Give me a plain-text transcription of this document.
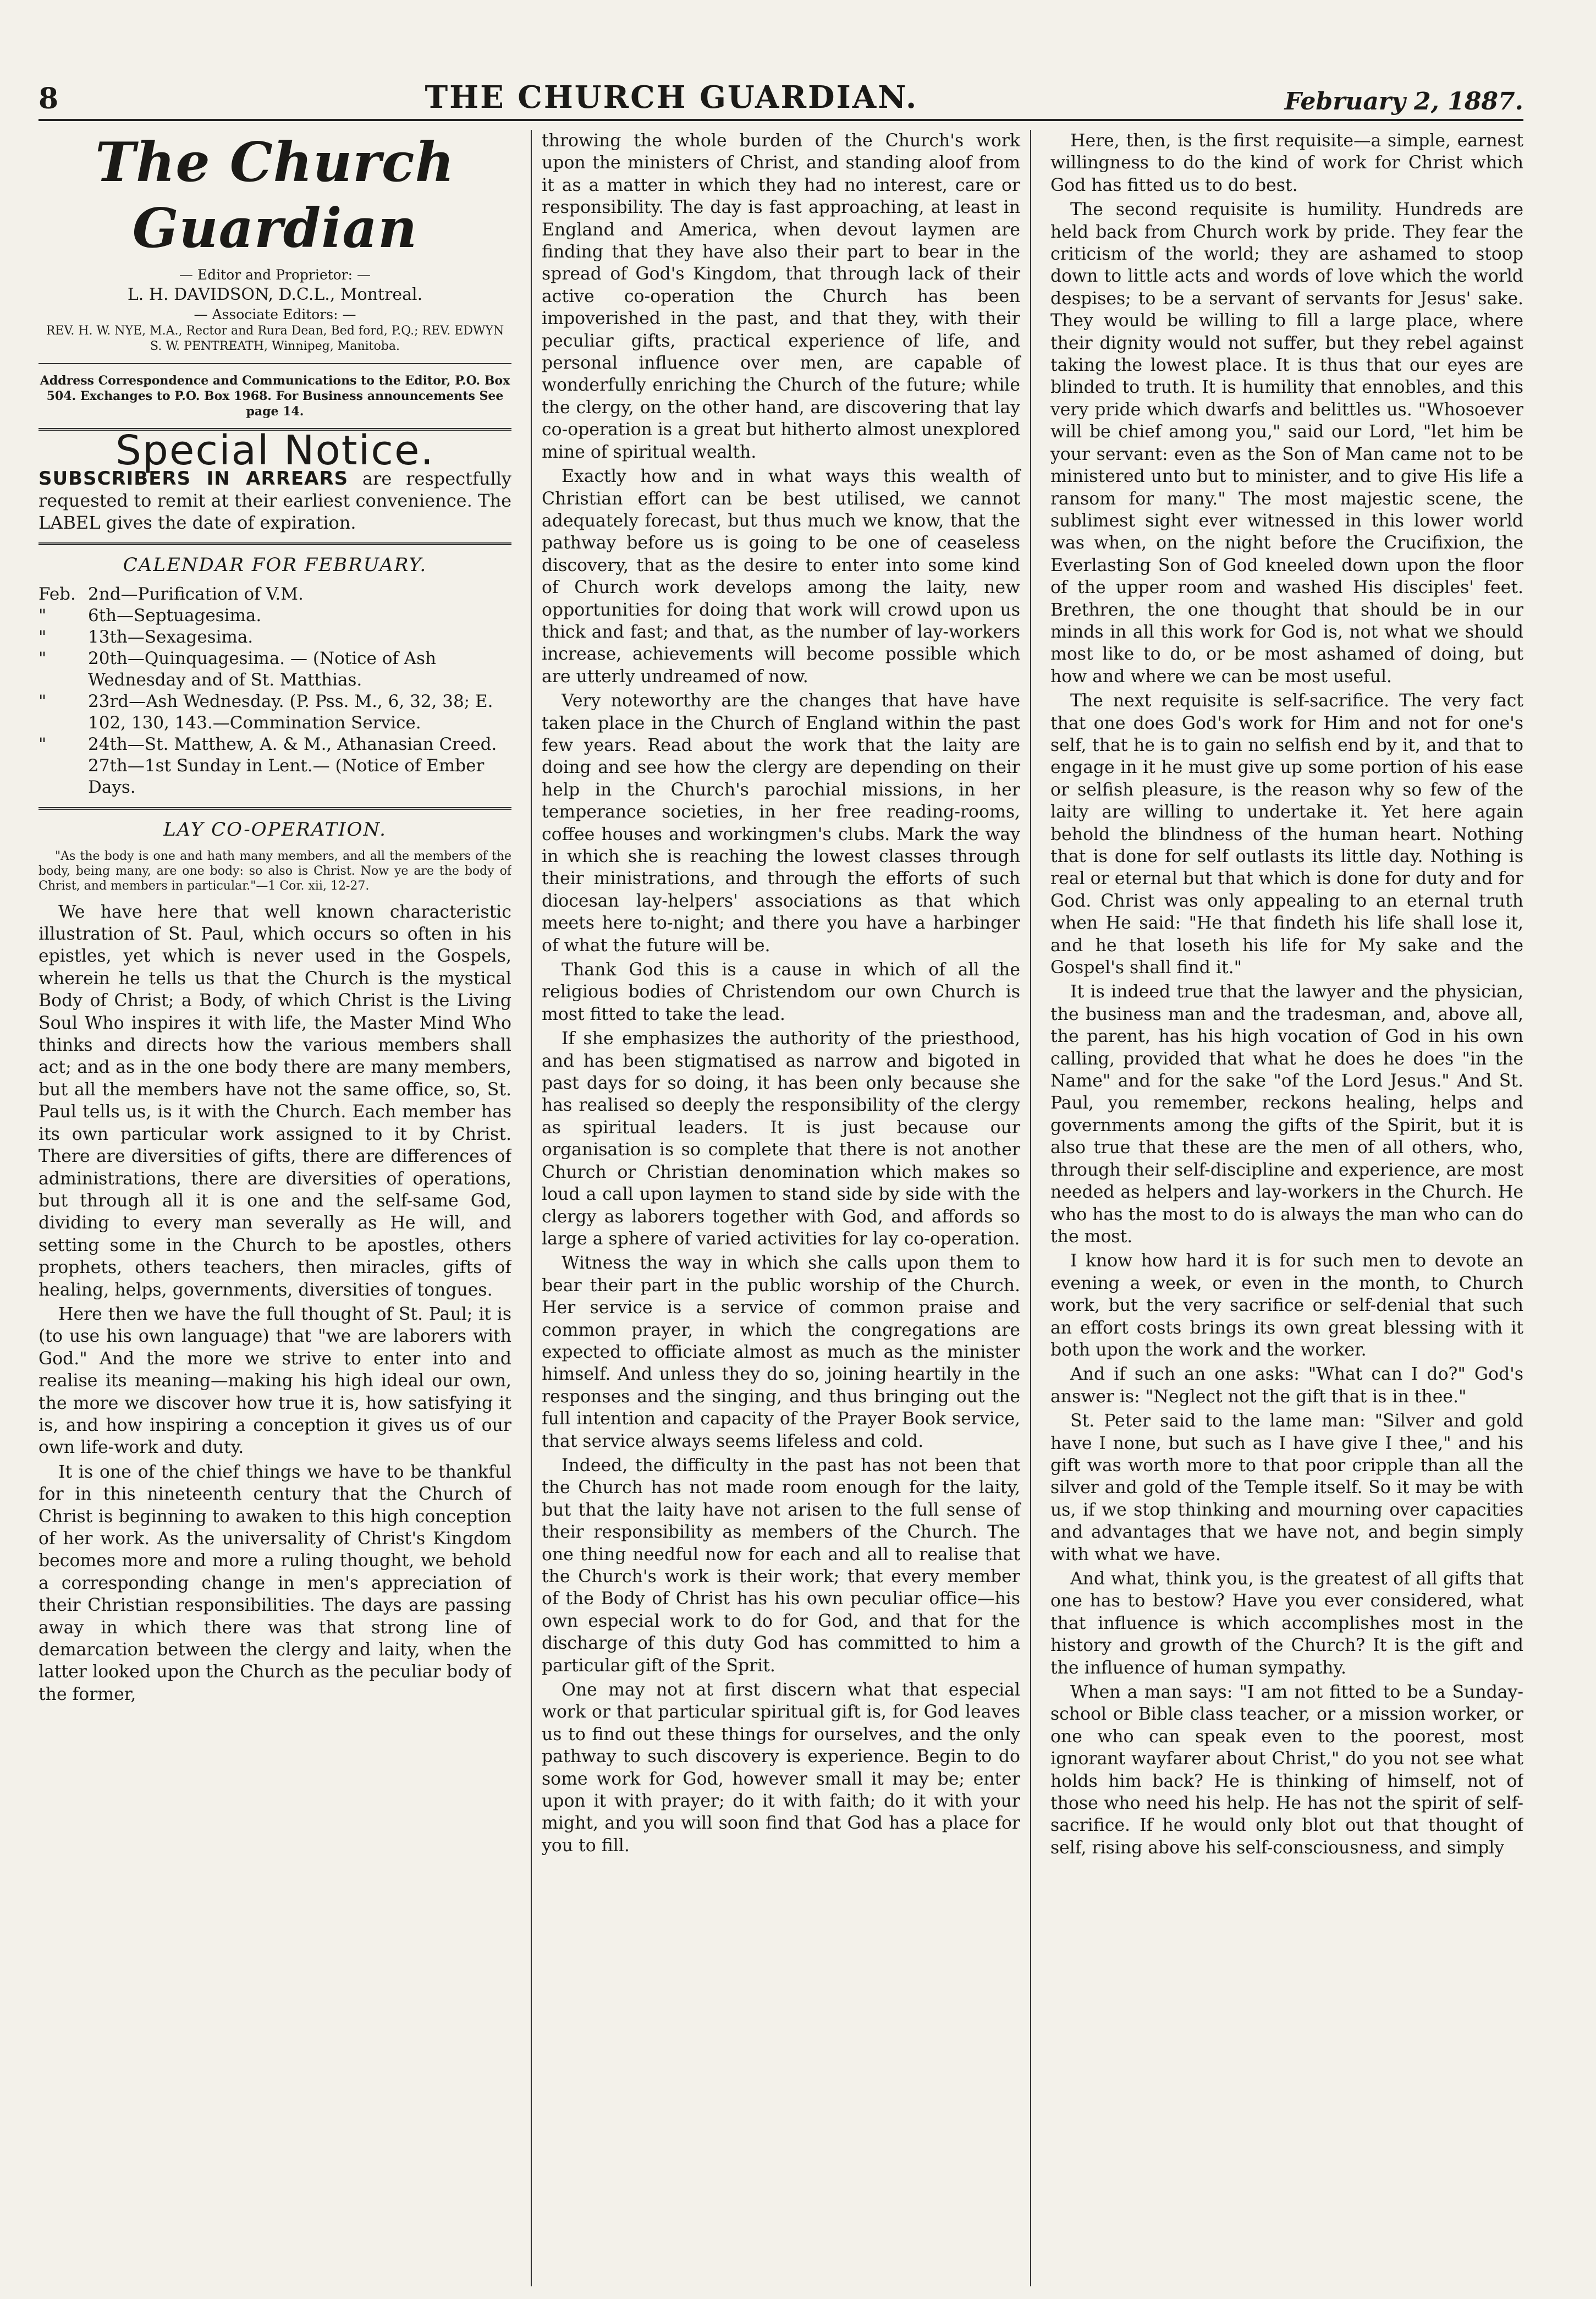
8	THE CHURCH GUARDIAN.	February 2, 1887.
The Church Guardian
— Editor and Proprietor: —
L. H. DAVIDSON, D.C.L., Montreal.
— Associate Editors: —
REV. H. W. NYE, M.A., Rector and Rura Dean, Bed ford, P.Q.; REV. EDWYN S. W. PENTREATH, Winnipeg, Manitoba.
Address Correspondence and Communications to the Editor, P.O. Box 504. Exchanges to P.O. Box 1968. For Business announcements See page 14.
Special Notice.
SUBSCRIBERS IN ARREARS are respectfully requested to remit at their earliest convenience. The LABEL gives the date of expiration.
CALENDAR FOR FEBRUARY.
Feb. 2nd—Purification of V.M.
"	6th—Septuagesima.
"	13th—Sexagesima.
"	20th—Quinquagesima. — (Notice of Ash Wednesday and of St. Matthias.
"	23rd—Ash Wednesday. (P. Pss. M., 6, 32, 38; E. 102, 130, 143.—Commination Service.
"	24th—St. Matthew, A. & M., Athanasian Creed.
27th—1st Sunday in Lent.— (Notice of Ember Days.
LAY CO-OPERATION.
"As the body is one and hath many members, and all the members of the body, being many, are one body: so also is Christ. Now ye are the body of Christ, and members in particular."—1 Cor. xii, 12-27.

We have here that well known characteristic illustration of St. Paul, which occurs so often in his epistles, yet which is never used in the Gospels, wherein he tells us that the Church is the mystical Body of Christ; a Body, of which Christ is the Living Soul Who inspires it with life, the Master Mind Who thinks and directs how the various members shall act; and as in the one body there are many members, but all the members have not the same office, so, St. Paul tells us, is it with the Church. Each member has its own particular work assigned to it by Christ. There are diversities of gifts, there are differences of administrations, there are diversities of operations, but through all it is one and the self-same God, dividing to every man severally as He will, and setting some in the Church to be apostles, others prophets, others teachers, then miracles, gifts of healing, helps, governments, diversities of tongues.

Here then we have the full thought of St. Paul; it is (to use his own language) that "we are laborers with God." And the more we strive to enter into and realise its meaning—making his high ideal our own, the more we discover how true it is, how satisfying it is, and how inspiring a conception it gives us of our own life-work and duty.

It is one of the chief things we have to be thankful for in this nineteenth century that the Church of Christ is beginning to awaken to this high conception of her work. As the universality of Christ's Kingdom becomes more and more a ruling thought, we behold a corresponding change in men's appreciation of their Christian responsibilities. The days are passing away in which there was that strong line of demarcation between the clergy and laity, when the latter looked upon the Church as the peculiar body of the former,

throwing the whole burden of the Church's work upon the ministers of Christ, and standing aloof from it as a matter in which they had no interest, care or responsibility. The day is fast approaching, at least in England and America, when devout laymen are finding that they have also their part to bear in the spread of God's Kingdom, that through lack of their active co-operation the Church has been impoverished in the past, and that they, with their peculiar gifts, practical experience of life, and personal influence over men, are capable of wonderfully enriching the Church of the future; while the clergy, on the other hand, are discovering that lay co-operation is a great but hitherto almost unexplored mine of spiritual wealth.

Exactly how and in what ways this wealth of Christian effort can be best utilised, we cannot adequately forecast, but thus much we know, that the pathway before us is going to be one of ceaseless discovery, that as the desire to enter into some kind of Church work develops among the laity, new opportunities for doing that work will crowd upon us thick and fast; and that, as the number of lay-workers increase, achievements will become possible which are utterly undreamed of now.

Very noteworthy are the changes that have have taken place in the Church of England within the past few years. Read about the work that the laity are doing and see how the clergy are depending on their help in the Church's parochial missions, in her temperance societies, in her free reading-rooms, coffee houses and workingmen's clubs. Mark the way in which she is reaching the lowest classes through their ministrations, and through the efforts of such diocesan lay-helpers' associations as that which meets here to-night; and there you have a harbinger of what the future will be.

Thank God this is a cause in which of all the religious bodies of Christendom our own Church is most fitted to take the lead.

If she emphasizes the authority of the priesthood, and has been stigmatised as narrow and bigoted in past days for so doing, it has been only because she has realised so deeply the responsibility of the clergy as spiritual leaders. It is just because our organisation is so complete that there is not another Church or Christian denomination which makes so loud a call upon laymen to stand side by side with the clergy as laborers together with God, and affords so large a sphere of varied activities for lay co-operation.

Witness the way in which she calls upon them to bear their part in the public worship of the Church. Her service is a service of common praise and common prayer, in which the congregations are expected to officiate almost as much as the minister himself. And unless they do so, joining heartily in the responses and the singing, and thus bringing out the full intention and capacity of the Prayer Book service, that service always seems lifeless and cold.

Indeed, the difficulty in the past has not been that the Church has not made room enough for the laity, but that the laity have not arisen to the full sense of their responsibility as members of the Church. The one thing needful now for each and all to realise that the Church's work is their work; that every member of the Body of Christ has his own peculiar office—his own especial work to do for God, and that for the discharge of this duty God has committed to him a particular gift of the Sprit.

One may not at first discern what that especial work or that particular spiritual gift is, for God leaves us to find out these things for ourselves, and the only pathway to such discovery is experience. Begin to do some work for God, however small it may be; enter upon it with prayer; do it with faith; do it with your might, and you will soon find that God has a place for you to fill.

Here, then, is the first requisite—a simple, earnest willingness to do the kind of work for Christ which God has fitted us to do best.

The second requisite is humility. Hundreds are held back from Church work by pride. They fear the criticism of the world; they are ashamed to stoop down to little acts and words of love which the world despises; to be a servant of servants for Jesus' sake. They would be willing to fill a large place, where their dignity would not suffer, but they rebel against taking the lowest place. It is thus that our eyes are blinded to truth. It is humility that ennobles, and this very pride which dwarfs and belittles us. "Whosoever will be chief among you," said our Lord, "let him be your servant: even as the Son of Man came not to be ministered unto but to minister, and to give His life a ransom for many." The most majestic scene, the sublimest sight ever witnessed in this lower world was when, on the night before the Crucifixion, the Everlasting Son of God kneeled down upon the floor of the upper room and washed His disciples' feet. Brethren, the one thought that should be in our minds in all this work for God is, not what we should most like to do, or be most ashamed of doing, but how and where we can be most useful.

The next requisite is self-sacrifice. The very fact that one does God's work for Him and not for one's self, that he is to gain no selfish end by it, and that to engage in it he must give up some portion of his ease or selfish pleasure, is the reason why so few of the laity are willing to undertake it. Yet here again behold the blindness of the human heart. Nothing that is done for self outlasts its little day. Nothing is real or eternal but that which is done for duty and for God. Christ was only appealing to an eternal truth when He said: "He that findeth his life shall lose it, and he that loseth his life for My sake and the Gospel's shall find it."

It is indeed true that the lawyer and the physician, the business man and the tradesman, and, above all, the parent, has his high vocation of God in his own calling, provided that what he does he does "in the Name" and for the sake "of the Lord Jesus." And St. Paul, you remember, reckons healing, helps and governments among the gifts of the Spirit, but it is also true that these are the men of all others, who, through their self-discipline and experience, are most needed as helpers and lay-workers in the Church. He who has the most to do is always the man who can do the most.

I know how hard it is for such men to devote an evening a week, or even in the month, to Church work, but the very sacrifice or self-denial that such an effort costs brings its own great blessing with it both upon the work and the worker.

And if such an one asks: "What can I do?" God's answer is: "Neglect not the gift that is in thee."

St. Peter said to the lame man: "Silver and gold have I none, but such as I have give I thee," and his gift was worth more to that poor cripple than all the silver and gold of the Temple itself. So it may be with us, if we stop thinking and mourning over capacities and advantages that we have not, and begin simply with what we have.

And what, think you, is the greatest of all gifts that one has to bestow? Have you ever considered, what that influence is which accomplishes most in the history and growth of the Church? It is the gift and the influence of human sympathy.

When a man says: "I am not fitted to be a Sunday-school or Bible class teacher, or a mission worker, or one who can speak even to the poorest, most ignorant wayfarer about Christ," do you not see what holds him back? He is thinking of himself, not of those who need his help. He has not the spirit of self-sacrifice. If he would only blot out that thought of self, rising above his self-consciousness, and simply
